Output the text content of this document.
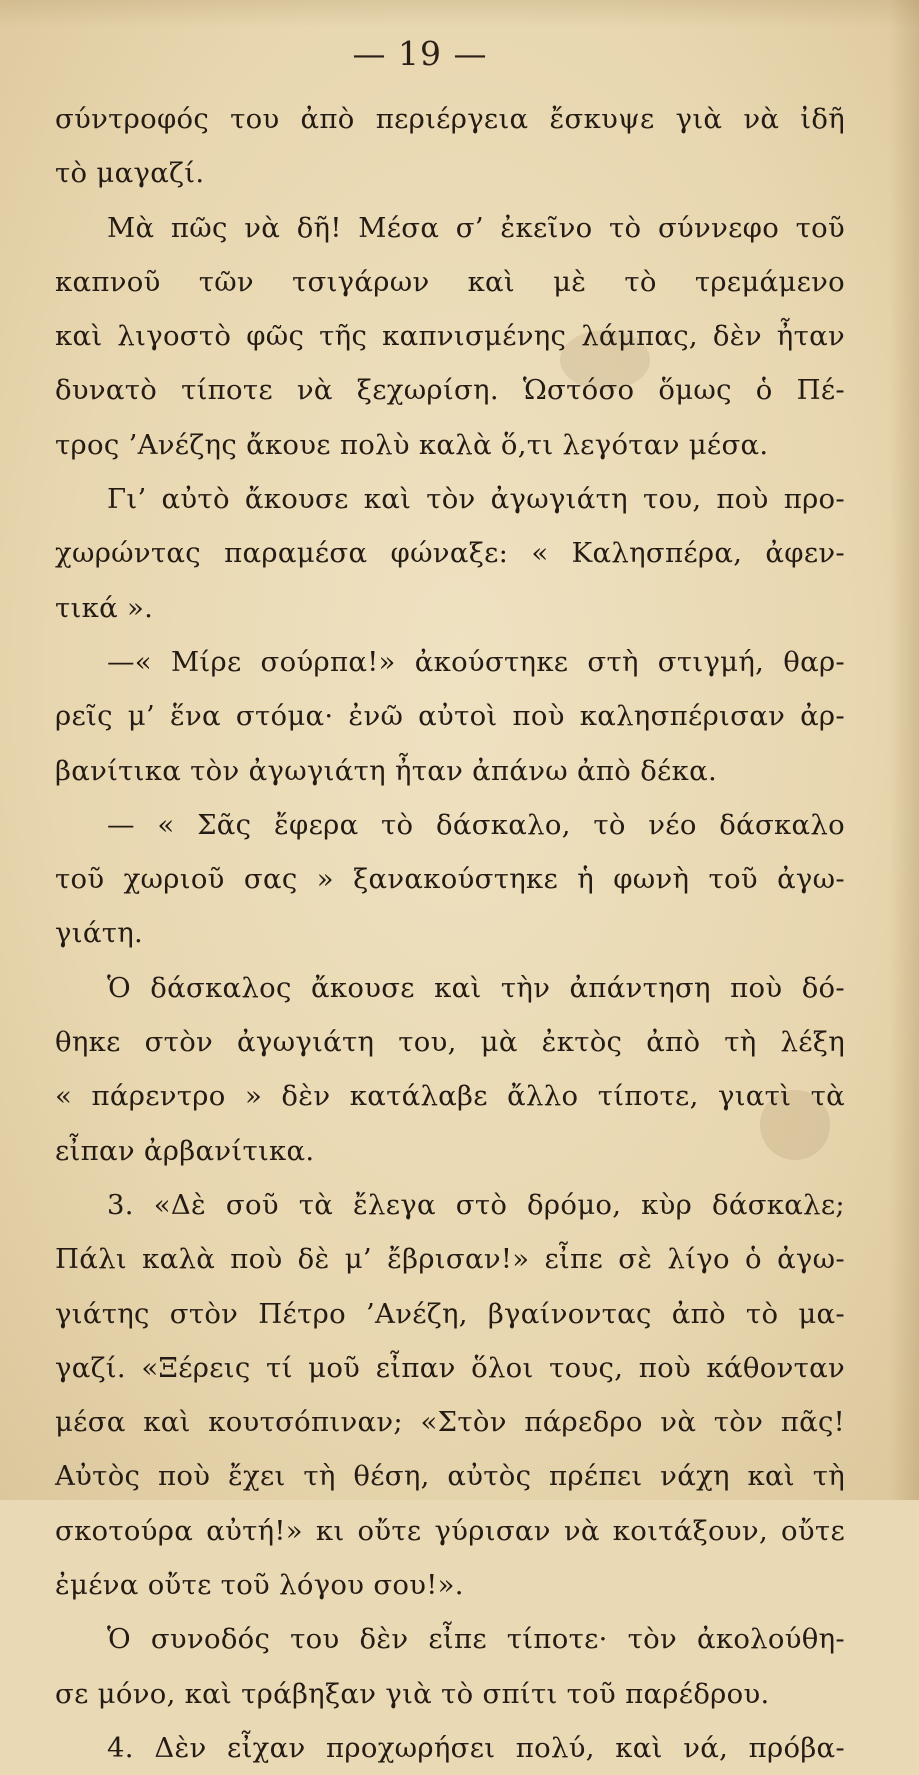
— 19 —
σύντροφός του ἀπὸ περιέργεια ἔσκυψε γιὰ νὰ ἰδῆ
τὸ μαγαζί.
Μὰ πῶς νὰ δῆ! Μέσα σ’ ἐκεῖνο τὸ σύννεφο τοῦ
καπνοῦ τῶν τσιγάρων καὶ μὲ τὸ τρεμάμενο
καὶ λιγοστὸ φῶς τῆς καπνισμένης λάμπας, δὲν ἦταν
δυνατὸ τίποτε νὰ ξεχωρίση. Ὡστόσο ὅμως ὁ Πέ-
τρος ’Ανέζης ἄκουε πολὺ καλὰ ὅ,τι λεγόταν μέσα.
Γι’ αὐτὸ ἄκουσε καὶ τὸν ἀγωγιάτη του, ποὺ προ-
χωρώντας παραμέσα φώναξε: « Καλησπέρα, ἀφεν-
τικά ».
—« Μίρε σούρπα!» ἀκούστηκε στὴ στιγμή, θαρ-
ρεῖς μ’ ἕνα στόμα· ἐνῶ αὐτοὶ ποὺ καλησπέρισαν ἀρ-
βανίτικα τὸν ἀγωγιάτη ἦταν ἀπάνω ἀπὸ δέκα.
— « Σᾶς ἔφερα τὸ δάσκαλο, τὸ νέο δάσκαλο
τοῦ χωριοῦ σας » ξανακούστηκε ἡ φωνὴ τοῦ ἀγω-
γιάτη.
Ὁ δάσκαλος ἄκουσε καὶ τὴν ἀπάντηση ποὺ δό-
θηκε στὸν ἀγωγιάτη του, μὰ ἐκτὸς ἀπὸ τὴ λέξη
« πάρεντρο » δὲν κατάλαβε ἄλλο τίποτε, γιατὶ τὰ
εἶπαν ἀρβανίτικα.
3. «Δὲ σοῦ τὰ ἔλεγα στὸ δρόμο, κὺρ δάσκαλε;
Πάλι καλὰ ποὺ δὲ μ’ ἔβρισαν!» εἶπε σὲ λίγο ὁ ἀγω-
γιάτης στὸν Πέτρο ’Ανέζη, βγαίνοντας ἀπὸ τὸ μα-
γαζί. «Ξέρεις τί μοῦ εἶπαν ὅλοι τους, ποὺ κάθονταν
μέσα καὶ κουτσόπιναν; «Στὸν πάρεδρο νὰ τὸν πᾶς!
Αὐτὸς ποὺ ἔχει τὴ θέση, αὐτὸς πρέπει νάχη καὶ τὴ
σκοτούρα αὐτή!» κι οὔτε γύρισαν νὰ κοιτάξουν, οὔτε
ἐμένα οὔτε τοῦ λόγου σου!».
Ὁ συνοδός του δὲν εἶπε τίποτε· τὸν ἀκολούθη-
σε μόνο, καὶ τράβηξαν γιὰ τὸ σπίτι τοῦ παρέδρου.
4. Δὲν εἶχαν προχωρήσει πολύ, καὶ νά, πρόβα-
